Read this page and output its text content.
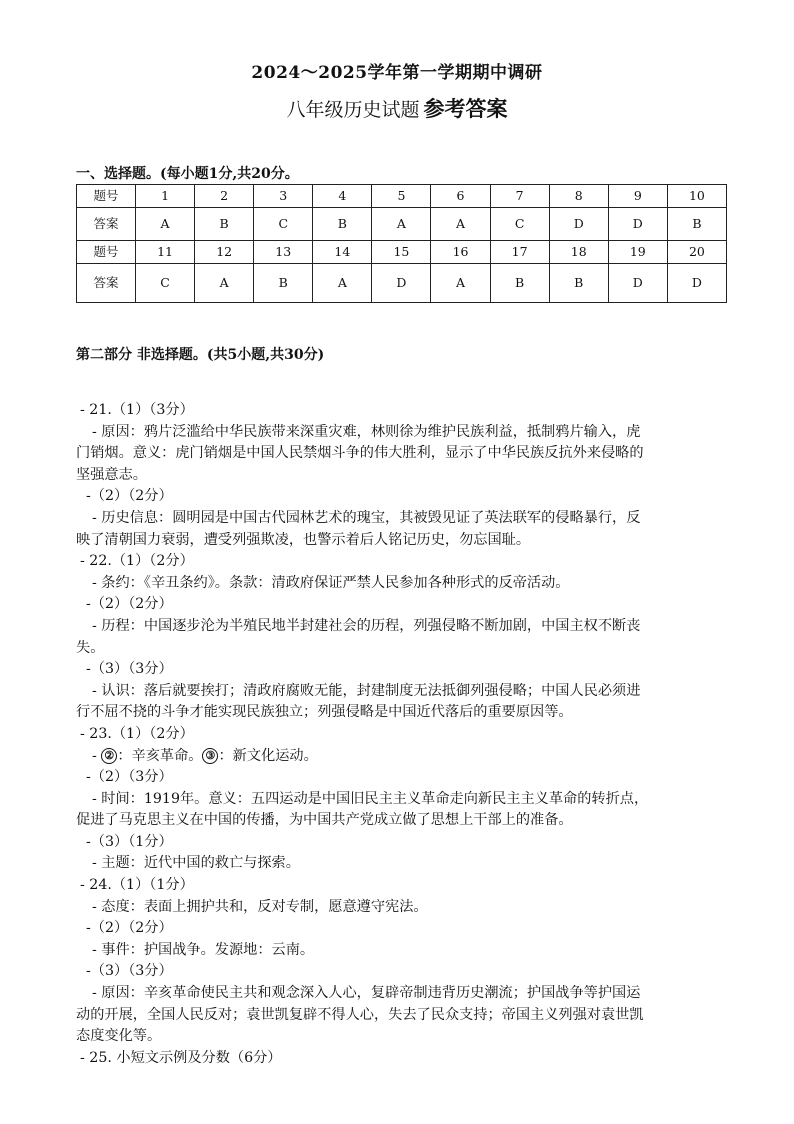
2024～2025学年第一学期期中调研
八年级历史试题 参考答案
一、选择题。(每小题1分,共20分。
题号	1	2	3	4	5	6	7	8	9	10
答案	A	B	C	B	A	A	C	D	D	B
题号	11	12	13	14	15	16	17	18	19	20
答案	C	A	B	A	D	A	B	B	D	D
第二部分 非选择题。(共5小题,共30分)

- 21.（1）（3分）

- 原因：鸦片泛滥给中华民族带来深重灾难，林则徐为维护民族利益，抵制鸦片输入，虎

门销烟。意义：虎门销烟是中国人民禁烟斗争的伟大胜利，显示了中华民族反抗外来侵略的

坚强意志。

-（2）（2分）

- 历史信息：圆明园是中国古代园林艺术的瑰宝，其被毁见证了英法联军的侵略暴行，反

映了清朝国力衰弱，遭受列强欺凌，也警示着后人铭记历史，勿忘国耻。

- 22.（1）（2分）

- 条约：《辛丑条约》。条款：清政府保证严禁人民参加各种形式的反帝活动。

-（2）（2分）

- 历程：中国逐步沦为半殖民地半封建社会的历程，列强侵略不断加剧，中国主权不断丧

失。

-（3）（3分）

- 认识：落后就要挨打；清政府腐败无能，封建制度无法抵御列强侵略；中国人民必须进

行不屈不挠的斗争才能实现民族独立；列强侵略是中国近代落后的重要原因等。

- 23.（1）（2分）

- ② ：辛亥革命。 ③ ：新文化运动。

-（2）（3分）

- 时间：1919年。意义：五四运动是中国旧民主主义革命走向新民主主义革命的转折点，

促进了马克思主义在中国的传播，为中国共产党成立做了思想上干部上的准备。

-（3）（1分）

- 主题：近代中国的救亡与探索。

- 24.（1）（1分）

- 态度：表面上拥护共和，反对专制，愿意遵守宪法。

-（2）（2分）

- 事件：护国战争。发源地：云南。

-（3）（3分）

- 原因：辛亥革命使民主共和观念深入人心，复辟帝制违背历史潮流；护国战争等护国运

动的开展，全国人民反对；袁世凯复辟不得人心，失去了民众支持；帝国主义列强对袁世凯

态度变化等。

- 25. 小短文示例及分数（6分）
